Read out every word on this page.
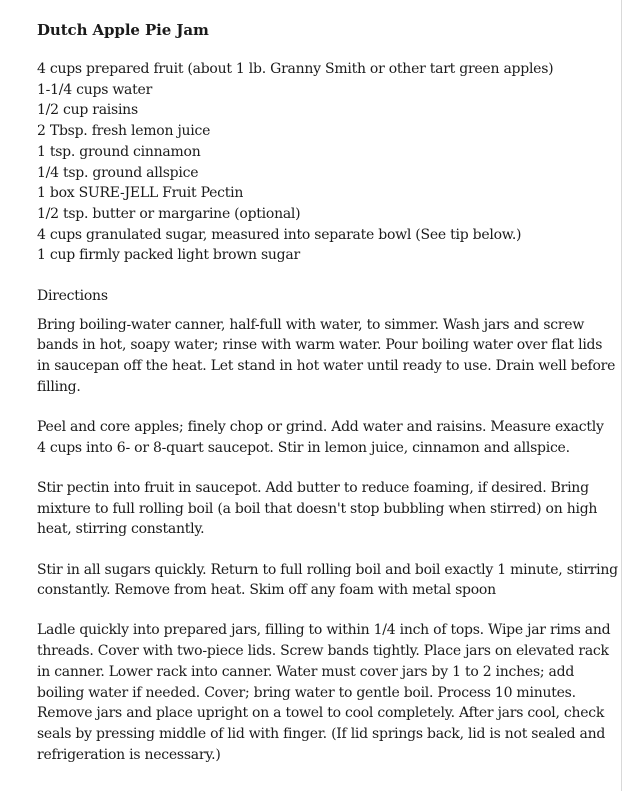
Dutch Apple Pie Jam
4 cups prepared fruit (about 1 lb. Granny Smith or other tart green apples)
1-1/4 cups water
1/2 cup raisins
2 Tbsp. fresh lemon juice
1 tsp. ground cinnamon
1/4 tsp. ground allspice
1 box SURE-JELL Fruit Pectin
1/2 tsp. butter or margarine (optional)
4 cups granulated sugar, measured into separate bowl (See tip below.)
1 cup firmly packed light brown sugar
Directions
Bring boiling-water canner, half-full with water, to simmer. Wash jars and screw
bands in hot, soapy water; rinse with warm water. Pour boiling water over flat lids
in saucepan off the heat. Let stand in hot water until ready to use. Drain well before
filling.
Peel and core apples; finely chop or grind. Add water and raisins. Measure exactly
4 cups into 6- or 8-quart saucepot. Stir in lemon juice, cinnamon and allspice.
Stir pectin into fruit in saucepot. Add butter to reduce foaming, if desired. Bring
mixture to full rolling boil (a boil that doesn't stop bubbling when stirred) on high
heat, stirring constantly.
Stir in all sugars quickly. Return to full rolling boil and boil exactly 1 minute, stirring
constantly. Remove from heat. Skim off any foam with metal spoon
Ladle quickly into prepared jars, filling to within 1/4 inch of tops. Wipe jar rims and
threads. Cover with two-piece lids. Screw bands tightly. Place jars on elevated rack
in canner. Lower rack into canner. Water must cover jars by 1 to 2 inches; add
boiling water if needed. Cover; bring water to gentle boil. Process 10 minutes.
Remove jars and place upright on a towel to cool completely. After jars cool, check
seals by pressing middle of lid with finger. (If lid springs back, lid is not sealed and
refrigeration is necessary.)
